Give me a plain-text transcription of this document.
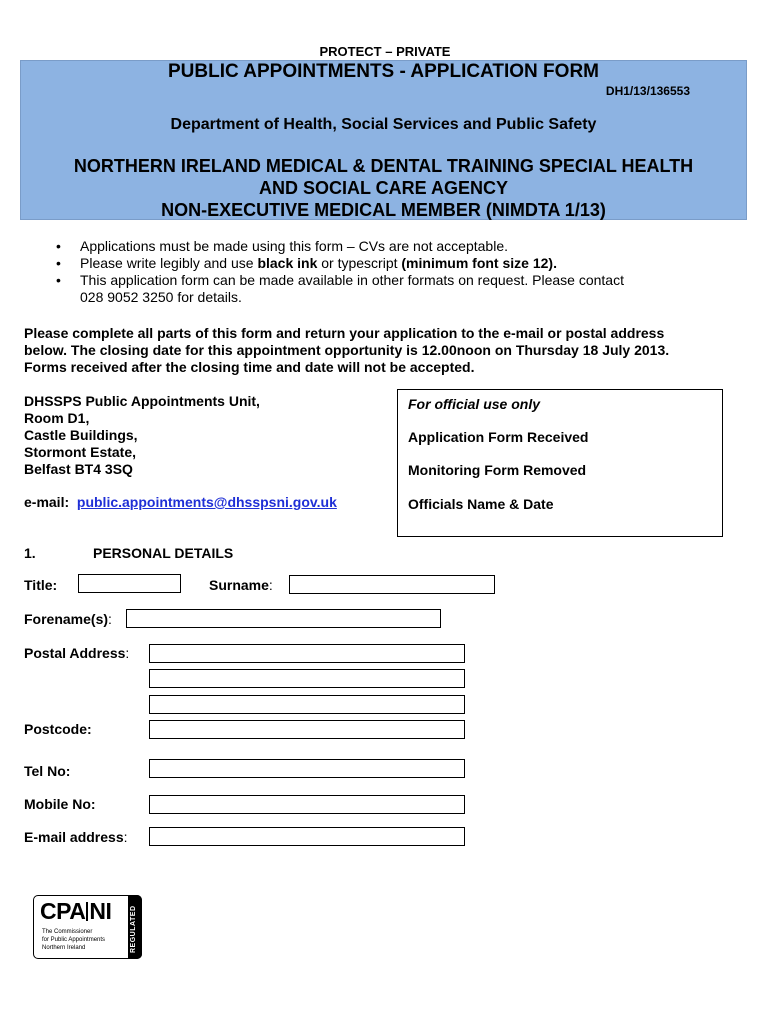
PROTECT – PRIVATE
PUBLIC APPOINTMENTS - APPLICATION FORM
DH1/13/136553
Department of Health, Social Services and Public Safety
NORTHERN IRELAND MEDICAL & DENTAL TRAINING SPECIAL HEALTH
AND SOCIAL CARE AGENCY
NON-EXECUTIVE MEDICAL MEMBER (NIMDTA 1/13)
• Applications must be made using this form – CVs are not acceptable.
• Please write legibly and use black ink or typescript (minimum font size 12).
• This application form can be made available in other formats on request. Please contact
028 9052 3250 for details.
Please complete all parts of this form and return your application to the e-mail or postal address
below. The closing date for this appointment opportunity is 12.00noon on Thursday 18 July 2013.
Forms received after the closing time and date will not be accepted.
DHSSPS Public Appointments Unit,
Room D1,
Castle Buildings,
Stormont Estate,
Belfast BT4 3SQ
e-mail: public.appointments@dhsspsni.gov.uk
For official use only
Application Form Received
Monitoring Form Removed
Officials Name & Date
1.	PERSONAL DETAILS
Title:	Surname:
Forename(s):
Postal Address:
Postcode:
Tel No:
Mobile No:
E-mail address:
CPA NI
The Commissioner
for Public Appointments
Northern Ireland	REGULATED
